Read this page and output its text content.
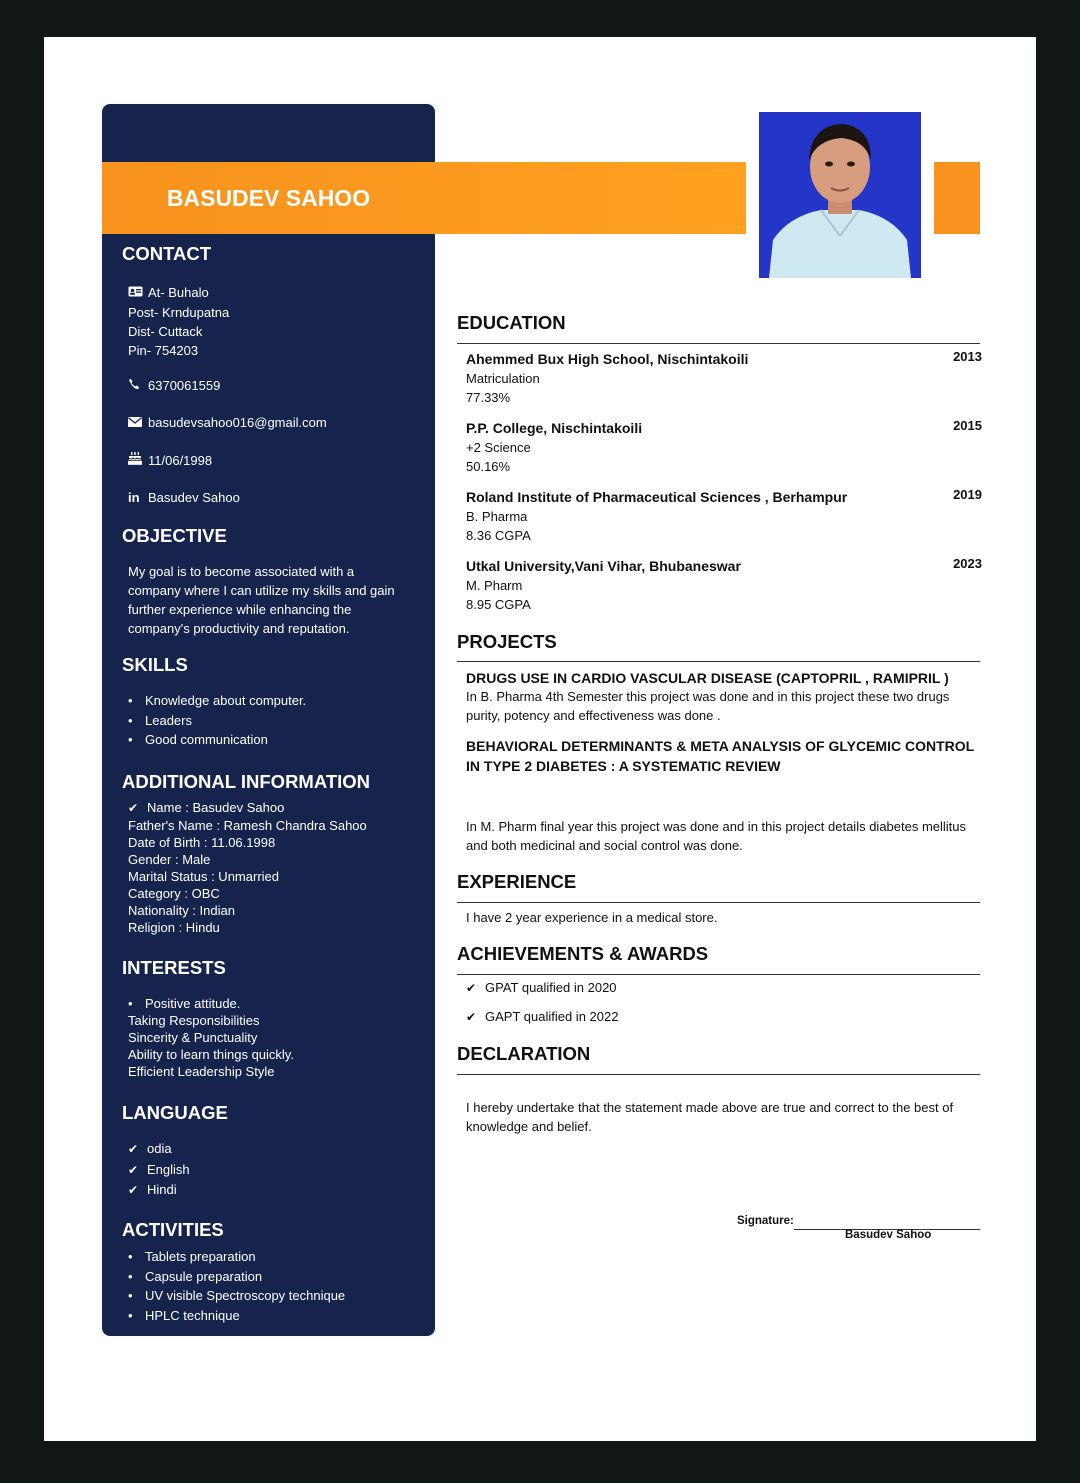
BASUDEV SAHOO
CONTACT
At- Buhalo
Post- Krndupatna
Dist- Cuttack
Pin- 754203
6370061559
basudevsahoo016@gmail.com
11/06/1998
in Basudev Sahoo
OBJECTIVE
My goal is to become associated with a
company where I can utilize my skills and gain
further experience while enhancing the
company's productivity and reputation.
SKILLS
• Knowledge about computer.
• Leaders
• Good communication
ADDITIONAL INFORMATION
✔ Name : Basudev Sahoo
Father's Name : Ramesh Chandra Sahoo
Date of Birth : 11.06.1998
Gender : Male
Marital Status : Unmarried
Category : OBC
Nationality : Indian
Religion : Hindu
INTERESTS
• Positive attitude.
Taking Responsibilities
Sincerity & Punctuality
Ability to learn things quickly.
Efficient Leadership Style
LANGUAGE
✔ odia
✔ English
✔ Hindi
ACTIVITIES
• Tablets preparation
• Capsule preparation
• UV visible Spectroscopy technique
• HPLC technique
EDUCATION
Ahemmed Bux High School, Nischintakoili	2013
Matriculation
77.33%
P.P. College, Nischintakoili	2015
+2 Science
50.16%
Roland Institute of Pharmaceutical Sciences , Berhampur	2019
B. Pharma
8.36 CGPA
Utkal University,Vani Vihar, Bhubaneswar	2023
M. Pharm
8.95 CGPA
PROJECTS
DRUGS USE IN CARDIO VASCULAR DISEASE (CAPTOPRIL , RAMIPRIL )
In B. Pharma 4th Semester this project was done and in this project these two drugs purity, potency and effectiveness was done .
BEHAVIORAL DETERMINANTS & META ANALYSIS OF GLYCEMIC CONTROL IN TYPE 2 DIABETES : A SYSTEMATIC REVIEW
In M. Pharm final year this project was done and in this project details diabetes mellitus and both medicinal and social control was done.
EXPERIENCE
I have 2 year experience in a medical store.
ACHIEVEMENTS & AWARDS
✔ GPAT qualified in 2020
✔ GAPT qualified in 2022
DECLARATION
I hereby undertake that the statement made above are true and correct to the best of knowledge and belief.
Signature:
Basudev Sahoo
